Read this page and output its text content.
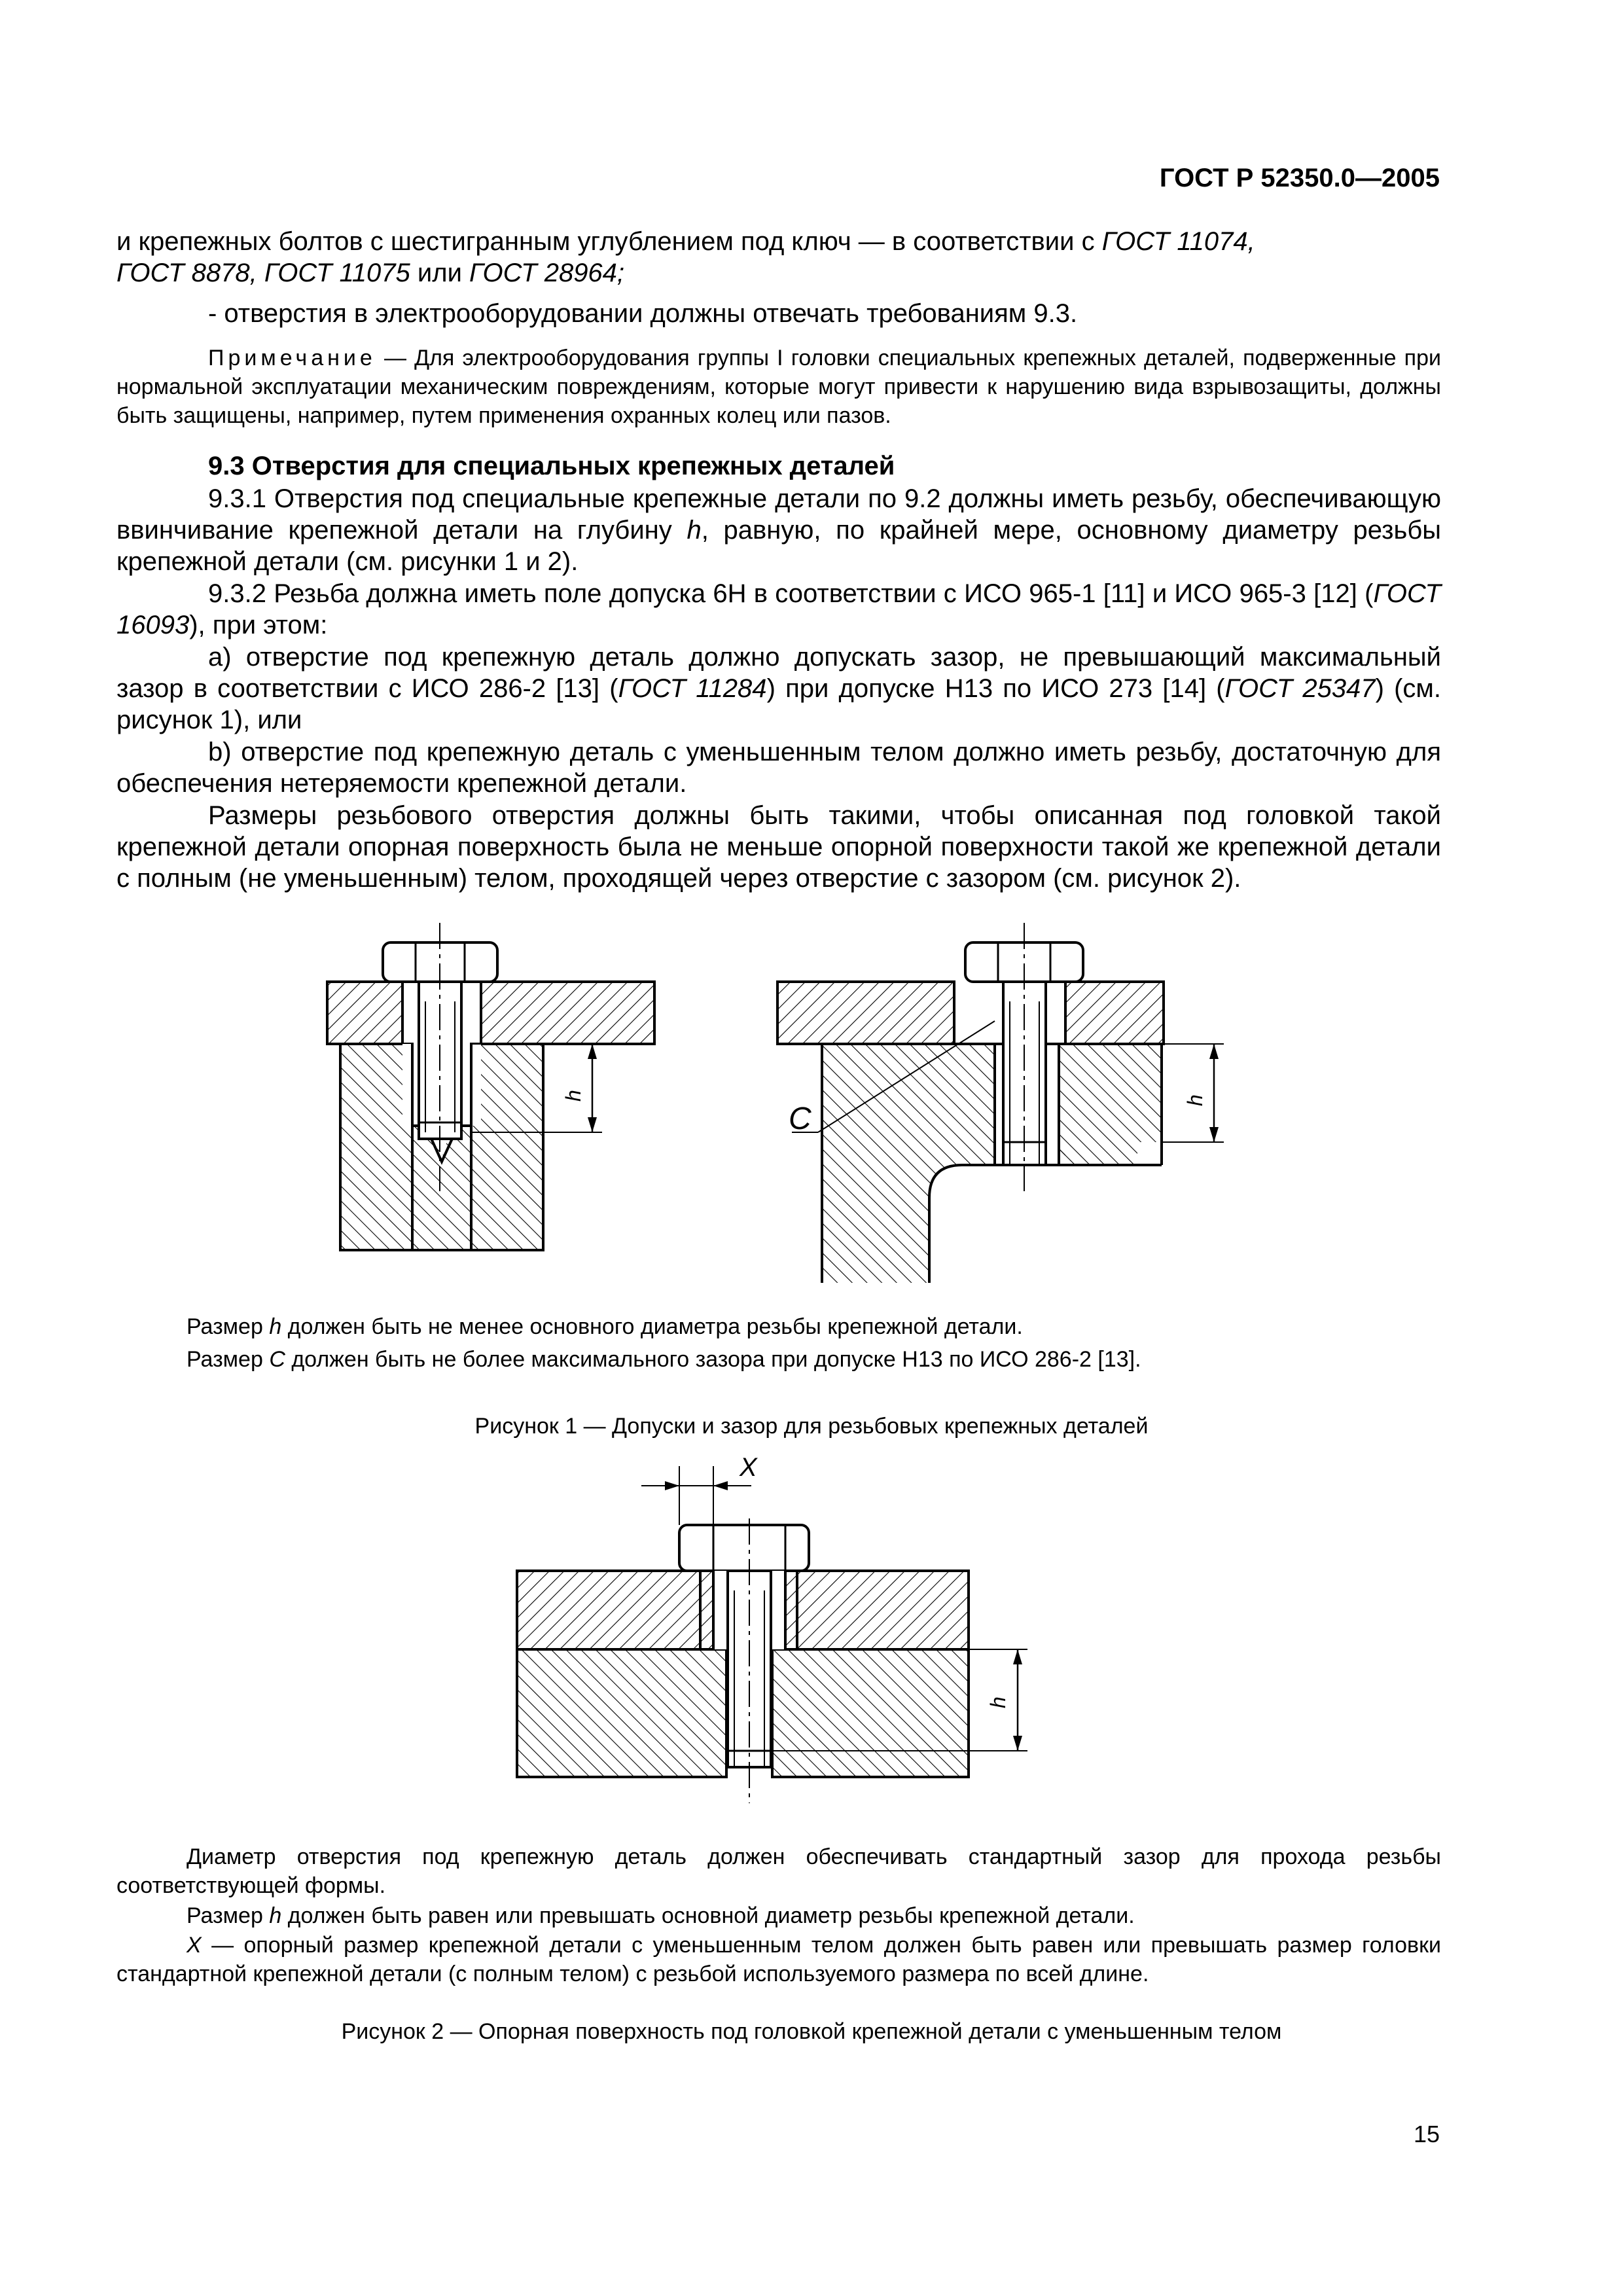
ГОСТ Р 52350.0—2005

и крепежных болтов с шестигранным углублением под ключ — в соответствии с ГОСТ 11074,
ГОСТ 8878, ГОСТ 11075 или ГОСТ 28964;

- отверстия в электрооборудовании должны отвечать требованиям 9.3.

Примечание — Для электрооборудования группы I головки специальных крепежных деталей, подверженные при нормальной эксплуатации механическим повреждениям, которые могут привести к нарушению вида взрывозащиты, должны быть защищены, например, путем применения охранных колец или пазов.

9.3 Отверстия для специальных крепежных деталей

9.3.1 Отверстия под специальные крепежные детали по 9.2 должны иметь резьбу, обеспечивающую ввинчивание крепежной детали на глубину h, равную, по крайней мере, основному диаметру резьбы крепежной детали (см. рисунки 1 и 2).

9.3.2 Резьба должна иметь поле допуска 6H в соответствии с ИСО 965-1 [11] и ИСО 965-3 [12] (ГОСТ 16093), при этом:

а) отверстие под крепежную деталь должно допускать зазор, не превышающий максимальный зазор в соответствии с ИСО 286-2 [13] (ГОСТ 11284) при допуске H13 по ИСО 273 [14] (ГОСТ 25347) (см. рисунок 1), или

b) отверстие под крепежную деталь с уменьшенным телом должно иметь резьбу, достаточную для обеспечения нетеряемости крепежной детали.

Размеры резьбового отверстия должны быть такими, чтобы описанная под головкой такой крепежной детали опорная поверхность была не меньше опорной поверхности такой же крепежной детали с полным (не уменьшенным) телом, проходящей через отверстие с зазором (см. рисунок 2).

h	h
C

Размер h должен быть не менее основного диаметра резьбы крепежной детали.

Размер C должен быть не более максимального зазора при допуске H13 по ИСО 286-2 [13].

Рисунок 1 — Допуски и зазор для резьбовых крепежных деталей
X
h

Диаметр отверстия под крепежную деталь должен обеспечивать стандартный зазор для прохода резьбы соответствующей формы.

Размер h должен быть равен или превышать основной диаметр резьбы крепежной детали.

X — опорный размер крепежной детали с уменьшенным телом должен быть равен или превышать размер головки стандартной крепежной детали (с полным телом) с резьбой используемого размера по всей длине.

Рисунок 2 — Опорная поверхность под головкой крепежной детали с уменьшенным телом
15
